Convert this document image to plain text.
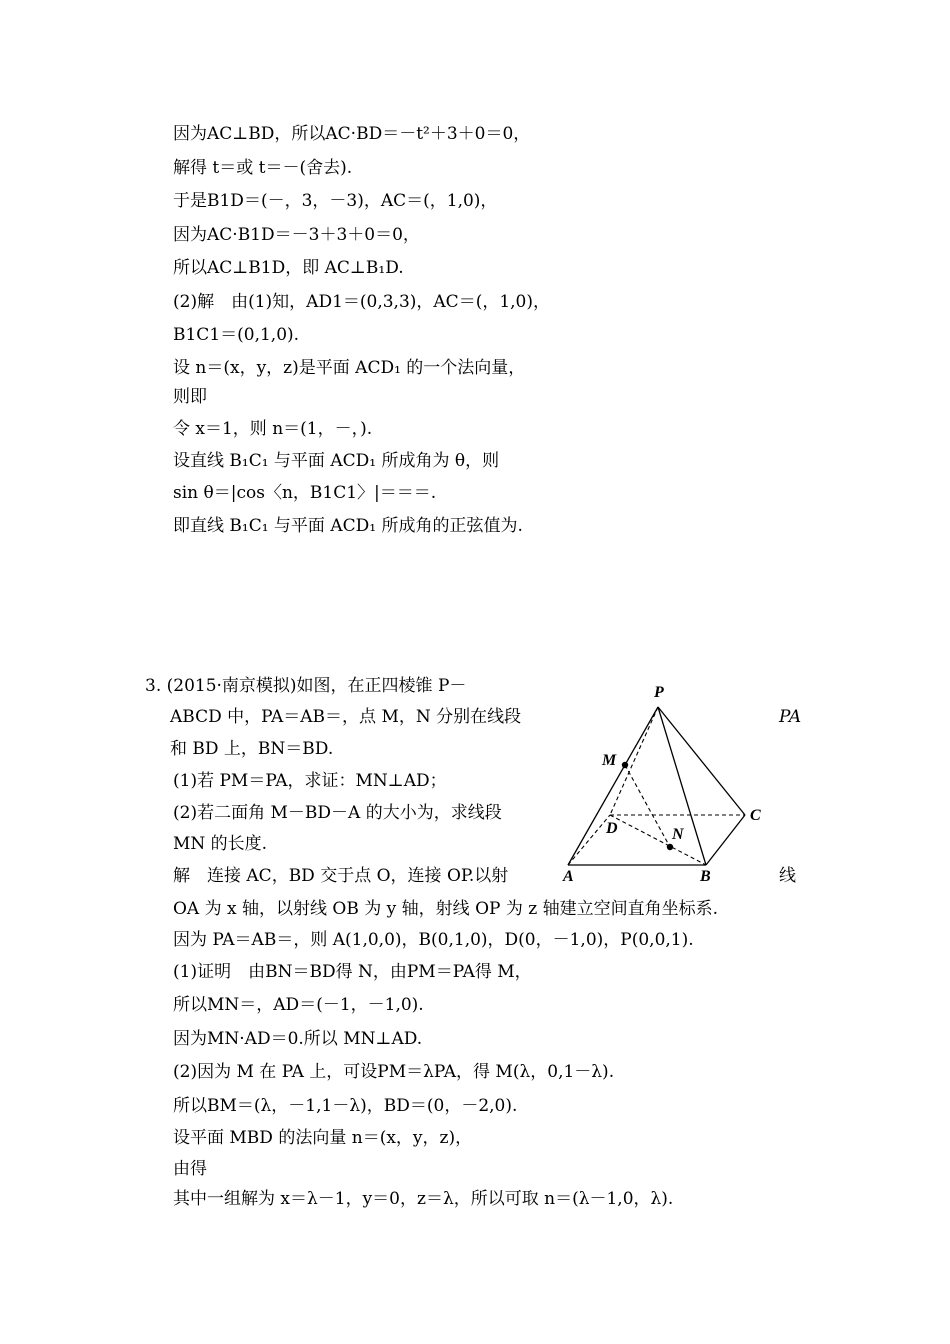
因为AC⊥BD，所以AC·BD＝－t²＋3＋0＝0，
解得 t＝或 t＝－(舍去).
于是B1D＝(－，3，－3)，AC＝(，1,0)，
因为AC·B1D＝－3＋3＋0＝0，
所以AC⊥B1D，即 AC⊥B₁D.
(2)解　由(1)知，AD1＝(0,3,3)，AC＝(，1,0)，
B1C1＝(0,1,0).
设 n＝(x，y，z)是平面 ACD₁ 的一个法向量，
则即
令 x＝1，则 n＝(1，－，).
设直线 B₁C₁ 与平面 ACD₁ 所成角为 θ，则
sin θ＝|cos〈n，B1C1〉|＝＝＝.
即直线 B₁C₁ 与平面 ACD₁ 所成角的正弦值为.
3. (2015·南京模拟)如图，在正四棱锥 P－
ABCD 中，PA＝AB＝，点 M，N 分别在线段	PA
和 BD 上，BN＝BD.
(1)若 PM＝PA，求证：MN⊥AD；
(2)若二面角 M－BD－A 的大小为，求线段
MN 的长度.
解　连接 AC，BD 交于点 O，连接 OP.以射	线
OA 为 x 轴，以射线 OB 为 y 轴，射线 OP 为 z 轴建立空间直角坐标系.
因为 PA＝AB＝，则 A(1,0,0)，B(0,1,0)，D(0，－1,0)，P(0,0,1).
(1)证明　由BN＝BD得 N，由PM＝PA得 M，
所以MN＝，AD＝(－1，－1,0).
因为MN·AD＝0.所以 MN⊥AD.
(2)因为 M 在 PA 上，可设PM＝λPA，得 M(λ，0,1－λ).
所以BM＝(λ，－1,1－λ)，BD＝(0，－2,0).
设平面 MBD 的法向量 n＝(x，y，z)，
由得
其中一组解为 x＝λ－1，y＝0，z＝λ，所以可取 n＝(λ－1,0，λ).
P
M
D	N
C
A	B
